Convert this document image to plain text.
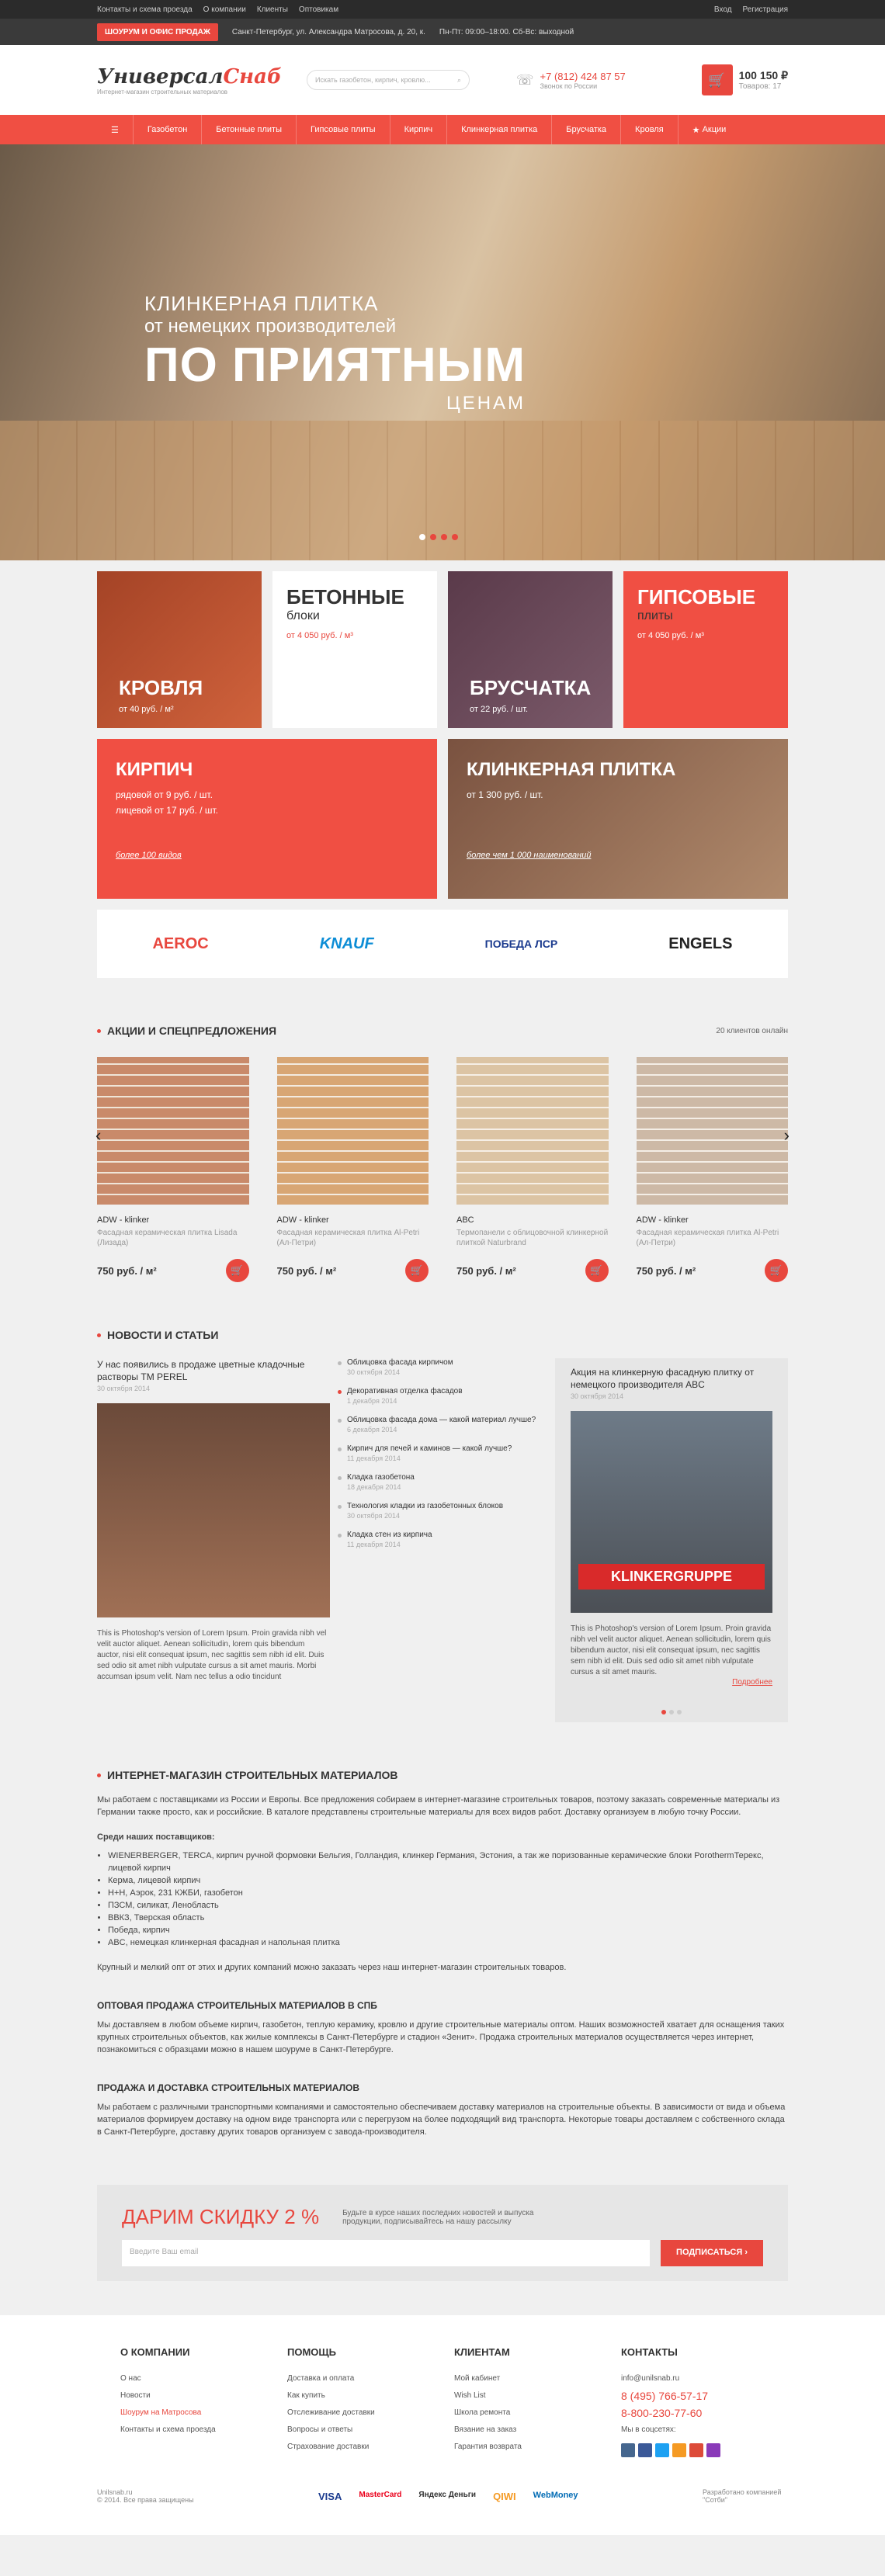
Контакты и схема проезда О компании Клиенты Оптовикам	Вход Регистрация
ШОУРУМ И ОФИС ПРОДАЖ	Санкт-Петербург, ул. Александра Матросова, д. 20, к. Пн-Пт: 09:00–18:00. Сб-Вс: выходной
УниверсалСнаб
Интернет-магазин строительных материалов
Искать газобетон, кирпич, кровлю...	⌕	☏ +7 (812) 424 87 57
Звонок по России	🛒	100 150 ₽
Товаров: 17
☰	Газобетон	Бетонные плиты	Гипсовые плиты	Кирпич	Клинкерная плитка	Брусчатка	Кровля	★ Акции
КЛИНКЕРНАЯ ПЛИТКА
от немецких производителей
ПО ПРИЯТНЫМ
ЦЕНАМ
КРОВЛЯ
от 40 руб. / м²
БЕТОННЫЕ
блоки
от 4 050 руб. / м³
БРУСЧАТКА
от 22 руб. / шт.
ГИПСОВЫЕ
плиты
от 4 050 руб. / м³
КИРПИЧ
рядовой от 9 руб. / шт.
лицевой от 17 руб. / шт.
более 100 видов
КЛИНКЕРНАЯ ПЛИТКА
от 1 300 руб. / шт.
более чем 1 000 наименований
AEROC	KNAUF	ПОБЕДА ЛСР	ENGELS
АКЦИИ И СПЕЦПРЕДЛОЖЕНИЯ	20 клиентов онлайн
‹
ADW - klinker
Фасадная керамическая плитка Lisada (Лизада)
750 руб. / м²	🛒
ADW - klinker
Фасадная керамическая плитка Al-Petri (Ал-Петри)
750 руб. / м²	🛒
ABC
Термопанели с облицовочной клинкерной плиткой Naturbrand
750 руб. / м²	🛒
ADW - klinker
Фасадная керамическая плитка Al-Petri (Ал-Петри)
750 руб. / м²	🛒
›
НОВОСТИ И СТАТЬИ
У нас появились в продаже цветные кладочные растворы ТМ PEREL
30 октября 2014
This is Photoshop's version of Lorem Ipsum. Proin gravida nibh vel velit auctor aliquet. Aenean sollicitudin, lorem quis bibendum auctor, nisi elit consequat ipsum, nec sagittis sem nibh id elit. Duis sed odio sit amet nibh vulputate cursus a sit amet mauris. Morbi accumsan ipsum velit. Nam nec tellus a odio tincidunt
Облицовка фасада кирпичом
30 октября 2014
Декоративная отделка фасадов
1 декабря 2014
Облицовка фасада дома — какой материал лучше?
6 декабря 2014
Кирпич для печей и каминов — какой лучше?
11 декабря 2014
Кладка газобетона
18 декабря 2014
Технология кладки из газобетонных блоков
30 октября 2014
Кладка стен из кирпича
11 декабря 2014
Акция на клинкерную фасадную плитку от немецкого производителя ABC
30 октября 2014
KLINKERGRUPPE
This is Photoshop's version of Lorem Ipsum. Proin gravida nibh vel velit auctor aliquet. Aenean sollicitudin, lorem quis bibendum auctor, nisi elit consequat ipsum, nec sagittis sem nibh id elit. Duis sed odio sit amet nibh vulputate cursus a sit amet mauris.
Подробнее
ИНТЕРНЕТ-МАГАЗИН СТРОИТЕЛЬНЫХ МАТЕРИАЛОВ

Мы работаем с поставщиками из России и Европы. Все предложения собираем в интернет-магазине строительных товаров, поэтому заказать современные материалы из Германии также просто, как и российские. В каталоге представлены строительные материалы для всех видов работ. Доставку организуем в любую точку России.

Среди наших поставщиков:

• WIENERBERGER, TERCA, кирпич ручной формовки Бельгия, Голландия, клинкер Германия, Эстония, а так же поризованные керамические блоки PorothermТерекс, лицевой кирпич
• Керма, лицевой кирпич
• H+H, Аэрок, 231 КЖБИ, газобетон
• ПЗСМ, силикат, Ленобласть
• ВВКЗ, Тверская область
• Победа, кирпич
• ABC, немецкая клинкерная фасадная и напольная плитка

Крупный и мелкий опт от этих и других компаний можно заказать через наш интернет-магазин строительных товаров.

ОПТОВАЯ ПРОДАЖА СТРОИТЕЛЬНЫХ МАТЕРИАЛОВ В СПБ

Мы доставляем в любом объеме кирпич, газобетон, теплую керамику, кровлю и другие строительные материалы оптом. Наших возможностей хватает для оснащения таких крупных строительных объектов, как жилые комплексы в Санкт-Петербурге и стадион «Зенит». Продажа строительных материалов осуществляется через интернет, познакомиться с образцами можно в нашем шоуруме в Санкт-Петербурге.

ПРОДАЖА И ДОСТАВКА СТРОИТЕЛЬНЫХ МАТЕРИАЛОВ

Мы работаем с различными транспортными компаниями и самостоятельно обеспечиваем доставку материалов на строительные объекты. В зависимости от вида и объема материалов формируем доставку на одном виде транспорта или с перегрузом на более подходящий вид транспорта. Некоторые товары доставляем с собственного склада в Санкт-Петербурге, доставку других товаров организуем с завода-производителя.

ДАРИМ СКИДКУ 2 %	Будьте в курсе наших последних новостей и выпуска продукции, подписывайтесь на нашу рассылку
Введите Ваш email	ПОДПИСАТЬСЯ ›
О КОМПАНИИ
О нас
Новости
Шоурум на Матросова
Контакты и схема проезда
ПОМОЩЬ
Доставка и оплата
Как купить
Отслеживание доставки
Вопросы и ответы
Страхование доставки
КЛИЕНТАМ
Мой кабинет
Wish List
Школа ремонта
Вязание на заказ
Гарантия возврата
КОНТАКТЫ
info@unilsnab.ru
8 (495) 766-57-17
8-800-230-77-60
Мы в соцсетях:
Unilsnab.ru
© 2014. Все права защищены	VISA MasterCard Яндекс Деньги QIWI WebMoney	Разработано компанией "Сотби"
